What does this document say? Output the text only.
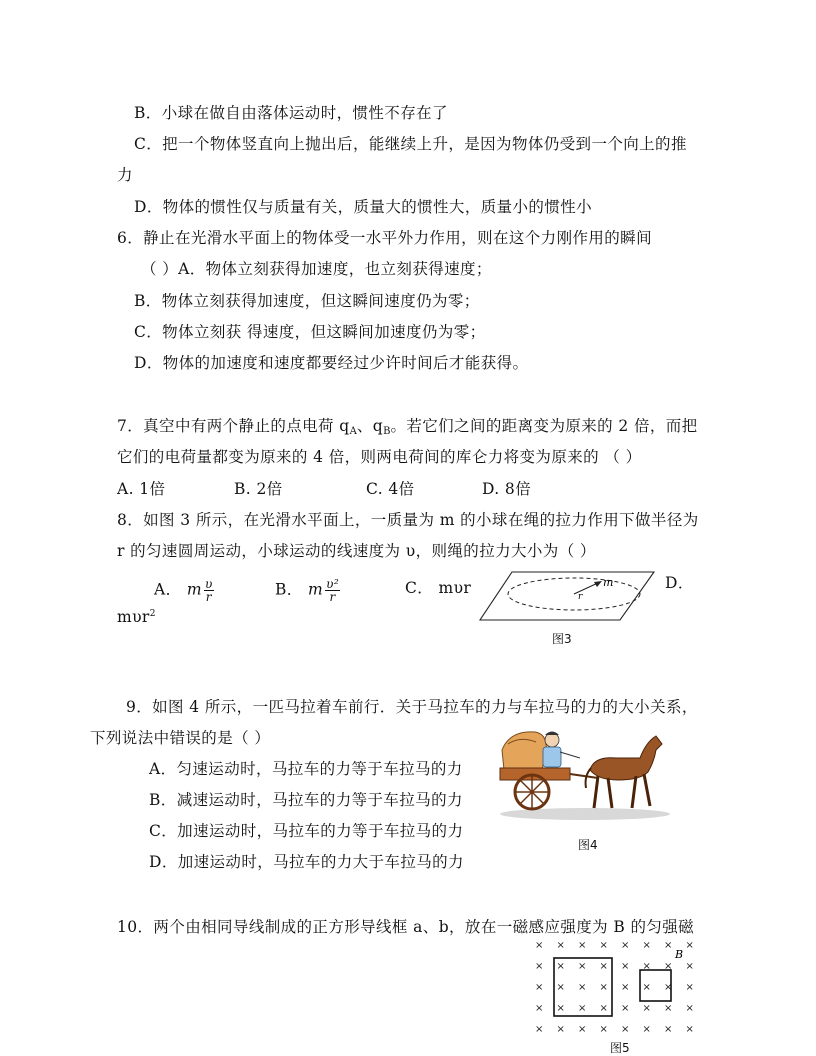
B．小球在做自由落体运动时，惯性不存在了
C．把一个物体竖直向上抛出后，能继续上升，是因为物体仍受到一个向上的推
力
D．物体的惯性仅与质量有关，质量大的惯性大，质量小的惯性小
6．静止在光滑水平面上的物体受一水平外力作用，则在这个力刚作用的瞬间
（ ）A．物体立刻获得加速度，也立刻获得速度；
B．物体立刻获得加速度，但这瞬间速度仍为零；
C．物体立刻获 得速度，但这瞬间加速度仍为零；
D．物体的加速度和速度都要经过少许时间后才能获得。
7．真空中有两个静止的点电荷 $q_A$、$q_B$。若它们之间的距离变为原来的 2 倍，而把
它们的电荷量都变为原来的 4 倍，则两电荷间的库仑力将变为原来的 （ ）
A. 1倍	B. 2倍	C. 4倍	D. 8倍
8．如图 3 所示，在光滑水平面上，一质量为 m 的小球在绳的拉力作用下做半径为
r 的匀速圆周运动，小球运动的线速度为 υ，则绳的拉力大小为（ ）
A． m $\frac{\upsilon}{r}$	B． m $\frac{\text{υ²}}{r}$	C． mυr	D．
mυr$^2$
r
m
图3
9．如图 4 所示，一匹马拉着车前行．关于马拉车的力与车拉马的力的大小关系，
下列说法中错误的是（ ）
A．匀速运动时，马拉车的力等于车拉马的力
B．减速运动时，马拉车的力等于车拉马的力
C．加速运动时，马拉车的力等于车拉马的力
D．加速运动时，马拉车的力大于车拉马的力
图4
10．两个由相同导线制成的正方形导线框 a、b，放在一磁感应强度为 B 的匀强磁
×
×
×
×
×
×
×
×
×
×
×
×
×
×
×
×
×
×
×
×
×
×
×
×
×
×
×
×
×
×
×
×
×
×
×
×
×
×
×
×
B
图5
